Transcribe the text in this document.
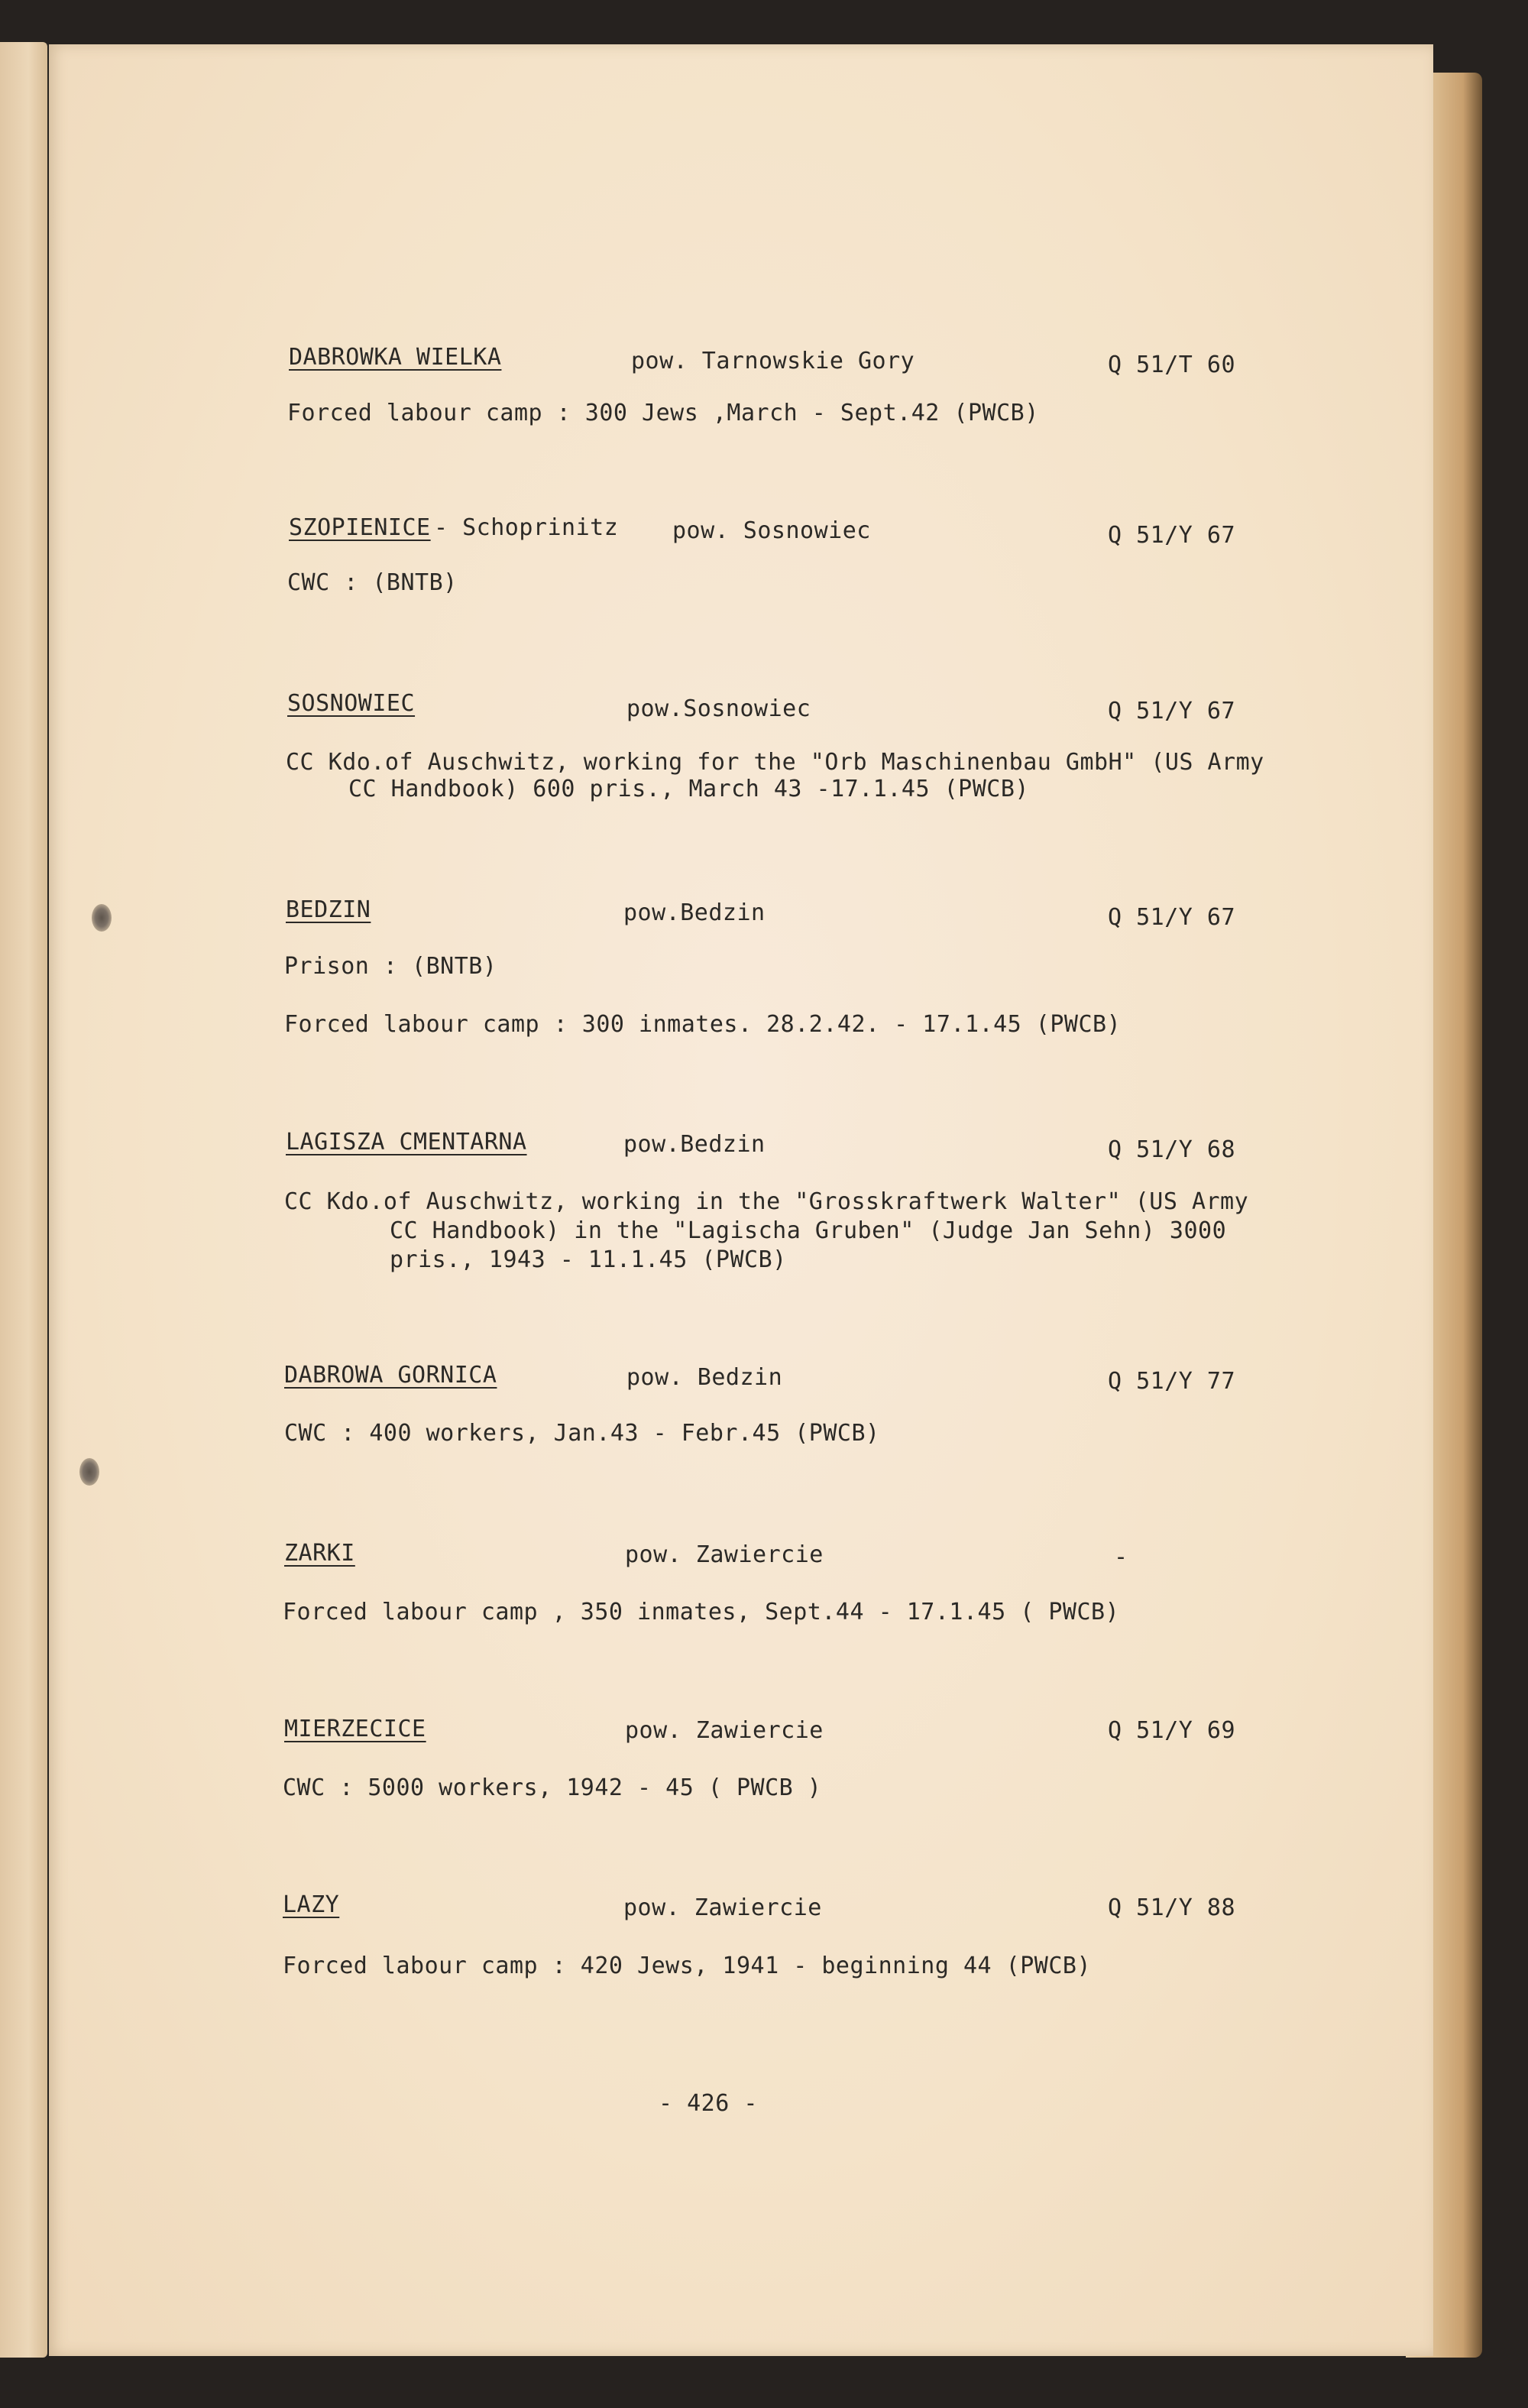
DABROWKA WIELKA	pow. Tarnowskie Gory	Q 51/T 60
Forced labour camp : 300 Jews ,March - Sept.42 (PWCB)
SZOPIENICE - Schoprinitz pow. Sosnowiec	Q 51/Y 67
CWC : (BNTB)
SOSNOWIEC	pow.Sosnowiec	Q 51/Y 67
CC Kdo.of Auschwitz, working for the "Orb Maschinenbau GmbH" (US Army
CC Handbook) 600 pris., March 43 -17.1.45 (PWCB)
BEDZIN	pow.Bedzin	Q 51/Y 67
Prison : (BNTB)
Forced labour camp : 300 inmates. 28.2.42. - 17.1.45 (PWCB)
LAGISZA CMENTARNA	pow.Bedzin	Q 51/Y 68
CC Kdo.of Auschwitz, working in the "Grosskraftwerk Walter" (US Army
CC Handbook) in the "Lagischa Gruben" (Judge Jan Sehn) 3000
pris., 1943 - 11.1.45 (PWCB)
DABROWA GORNICA	pow. Bedzin	Q 51/Y 77
CWC : 400 workers, Jan.43 - Febr.45 (PWCB)
ZARKI	pow. Zawiercie	-
Forced labour camp , 350 inmates, Sept.44 - 17.1.45 ( PWCB)
MIERZECICE	pow. Zawiercie	Q 51/Y 69
CWC : 5000 workers, 1942 - 45 ( PWCB )
LAZY	pow. Zawiercie	Q 51/Y 88
Forced labour camp : 420 Jews, 1941 - beginning 44 (PWCB)
- 426 -
